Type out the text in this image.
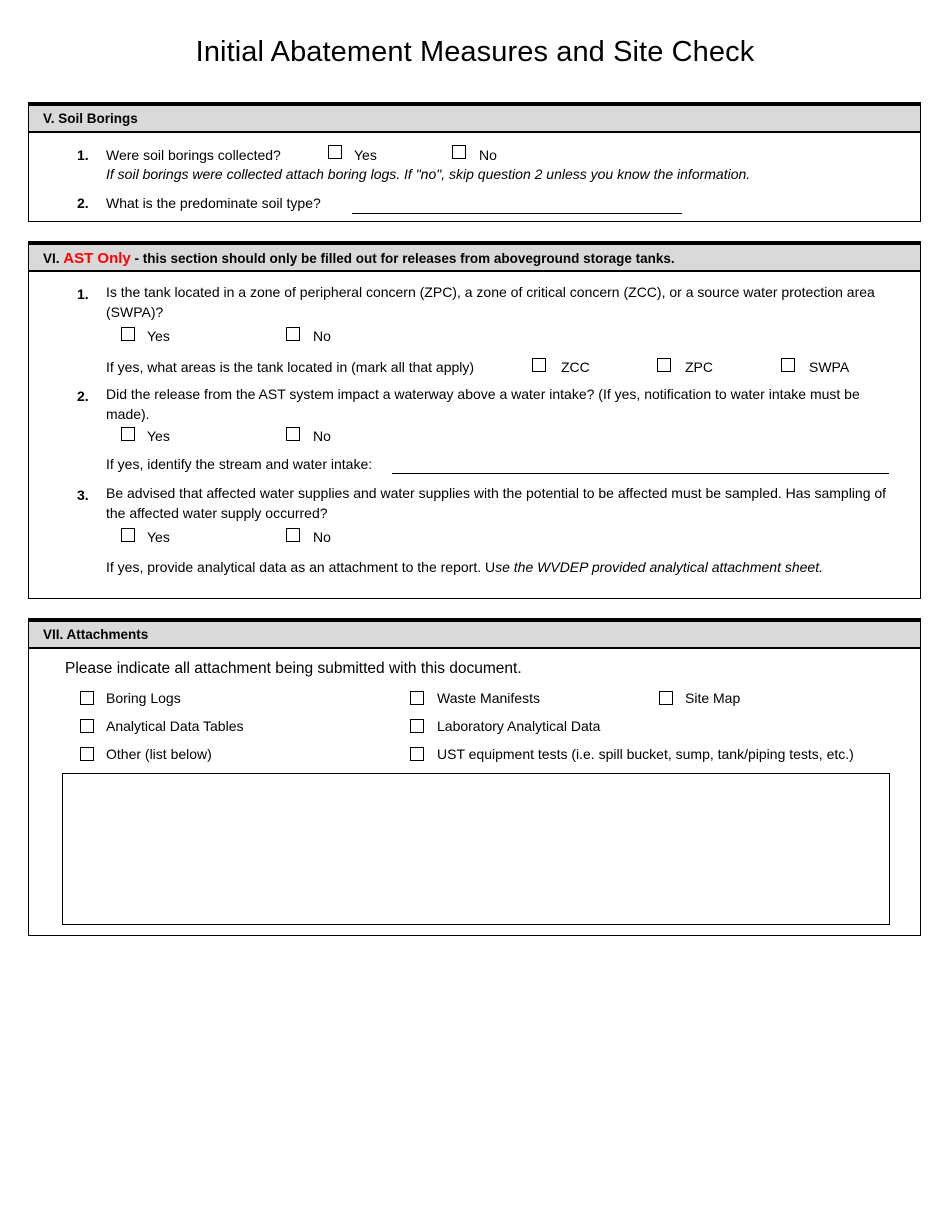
Initial Abatement Measures and Site Check
V. Soil Borings
1. Were soil borings collected?	Yes	No
If soil borings were collected attach boring logs. If "no", skip question 2 unless you know the information.
2. What is the predominate soil type?
VI. AST Only - this section should only be filled out for releases from aboveground storage tanks.
1. Is the tank located in a zone of peripheral concern (ZPC), a zone of critical concern (ZCC), or a source water protection area (SWPA)?
Yes	No
If yes, what areas is the tank located in (mark all that apply)	ZCC	ZPC	SWPA
2. Did the release from the AST system impact a waterway above a water intake? (If yes, notification to water intake must be made).
Yes	No
If yes, identify the stream and water intake:
3. Be advised that affected water supplies and water supplies with the potential to be affected must be sampled. Has sampling of the affected water supply occurred?
Yes	No
If yes, provide analytical data as an attachment to the report. Use the WVDEP provided analytical attachment sheet.
VII. Attachments
Please indicate all attachment being submitted with this document.
Boring Logs	Waste Manifests	Site Map
Analytical Data Tables	Laboratory Analytical Data
Other (list below)	UST equipment tests (i.e. spill bucket, sump, tank/piping tests, etc.)
